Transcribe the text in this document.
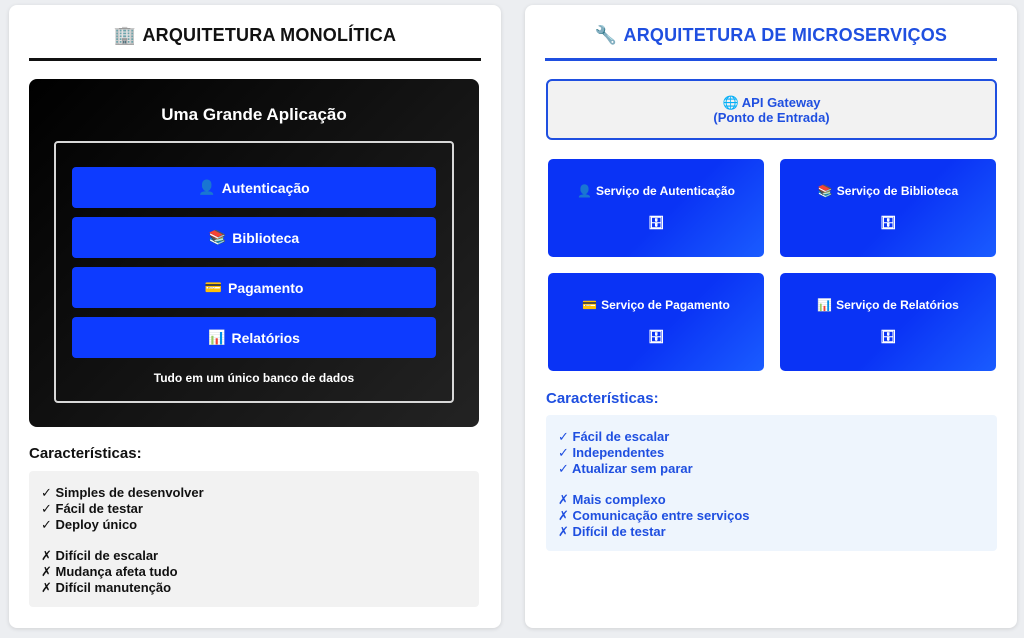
🏢 ARQUITETURA MONOLÍTICA
Uma Grande Aplicação
👤 Autenticação
📚 Biblioteca
💳 Pagamento
📊 Relatórios
Tudo em um único banco de dados
Características:
✓ Simples de desenvolver
✓ Fácil de testar
✓ Deploy único
✗ Difícil de escalar
✗ Mudança afeta tudo
✗ Difícil manutenção
🔧 ARQUITETURA DE MICROSERVIÇOS
🌐 API Gateway
(Ponto de Entrada)
👤 Serviço de Autenticação
🗄
📚 Serviço de Biblioteca
🗄
💳 Serviço de Pagamento
🗄
📊 Serviço de Relatórios
🗄
Características:
✓ Fácil de escalar
✓ Independentes
✓ Atualizar sem parar
✗ Mais complexo
✗ Comunicação entre serviços
✗ Difícil de testar
